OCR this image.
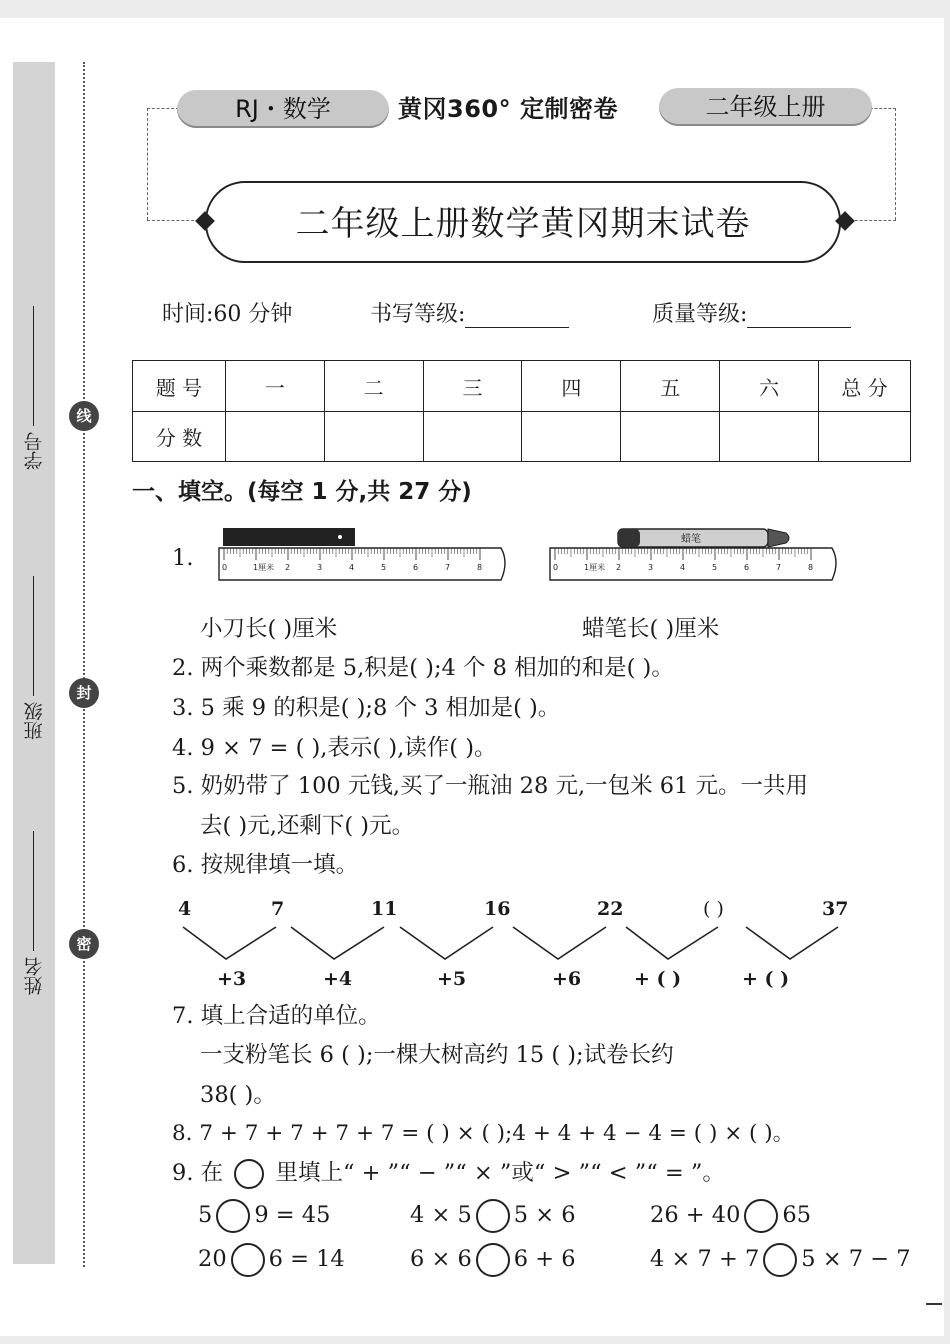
线
封
密
学号
班级
姓名
RJ・数学	黄冈360° 定制密卷	二年级上册
二年级上册数学黄冈期末试卷
时间:60 分钟	书写等级:	质量等级:
题 号	一	二	三	四	五	六	总 分
分 数							
一、填空。(每空 1 分,共 27 分)
1.	0	1厘米 2	3	4	5	6	7	8
蜡笔
0	1厘米 2	3	4	5	6	7	8
小刀长( )厘米	蜡笔长( )厘米
2. 两个乘数都是 5,积是( );4 个 8 相加的和是( )。
3. 5 乘 9 的积是( );8 个 3 相加是( )。
4. 9 × 7 = ( ),表示( ),读作( )。
5. 奶奶带了 100 元钱,买了一瓶油 28 元,一包米 61 元。一共用
去( )元,还剩下( )元。
6. 按规律填一填。
4	7	11	16	22	( )	37
+3	+4	+5	+6	+ ( )	+ ( )
7. 填上合适的单位。
一支粉笔长 6 ( );一棵大树高约 15 ( );试卷长约
38( )。
8. 7 + 7 + 7 + 7 + 7 = ( ) × ( );4 + 4 + 4 − 4 = ( ) × ( )。
9. 在 里填上“ + ”“ − ”“ × ”或“ > ”“ < ”“ = ”。
5 9 = 45	4 × 5 5 × 6	26 + 40 65
20 6 = 14	6 × 6 6 + 6	4 × 7 + 7 5 × 7 − 7
